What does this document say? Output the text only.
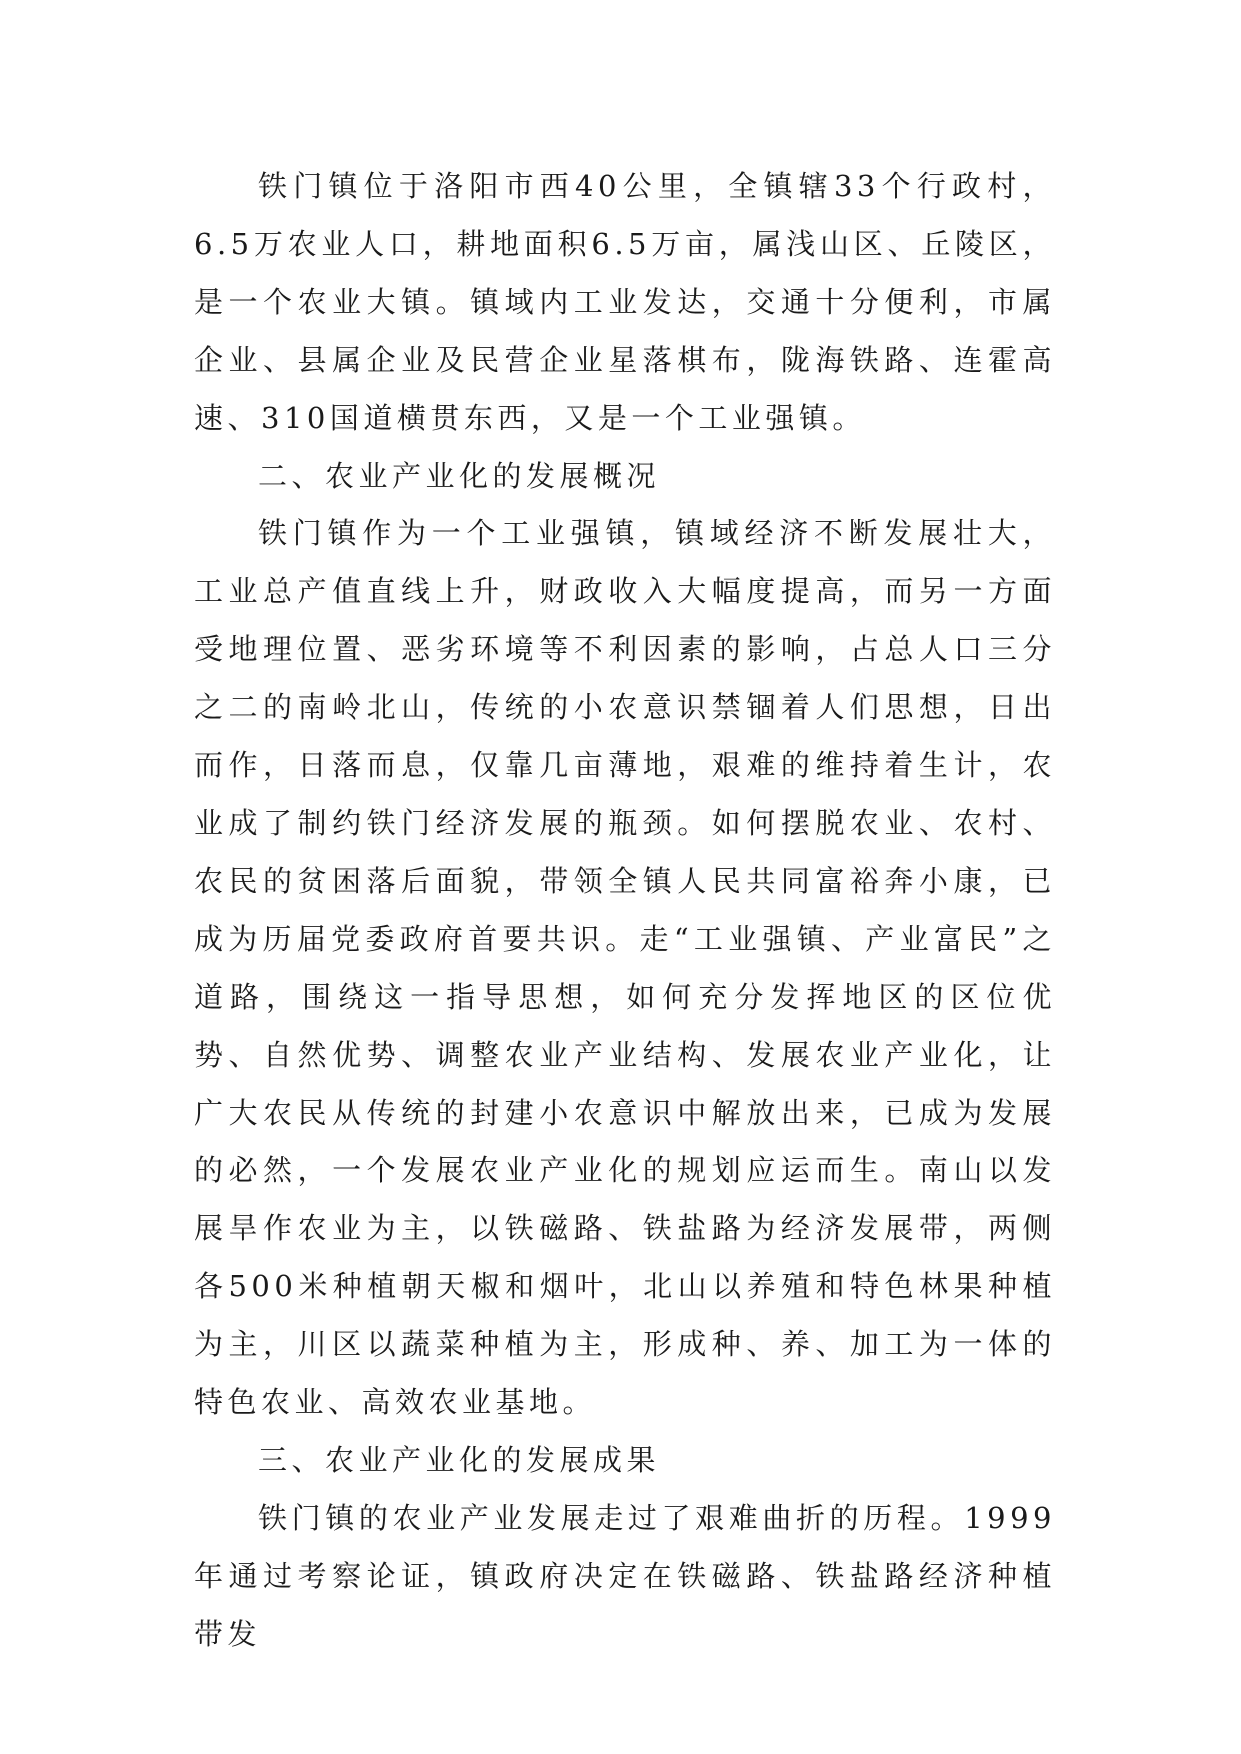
铁门镇位于洛阳市西40公里，全镇辖33个行政村，6.5万农业人口，耕地面积6.5万亩，属浅山区、丘陵区，是一个农业大镇。镇域内工业发达，交通十分便利，市属企业、县属企业及民营企业星落棋布，陇海铁路、连霍高速、310国道横贯东西，又是一个工业强镇。

二、农业产业化的发展概况

铁门镇作为一个工业强镇，镇域经济不断发展壮大，工业总产值直线上升，财政收入大幅度提高，而另一方面受地理位置、恶劣环境等不利因素的影响，占总人口三分之二的南岭北山，传统的小农意识禁锢着人们思想，日出而作，日落而息，仅靠几亩薄地，艰难的维持着生计，农业成了制约铁门经济发展的瓶颈。如何摆脱农业、农村、农民的贫困落后面貌，带领全镇人民共同富裕奔小康，已成为历届党委政府首要共识。走“工业强镇、产业富民”之道路，围绕这一指导思想，如何充分发挥地区的区位优势、自然优势、调整农业产业结构、发展农业产业化，让广大农民从传统的封建小农意识中解放出来，已成为发展的必然，一个发展农业产业化的规划应运而生。南山以发展旱作农业为主，以铁磁路、铁盐路为经济发展带，两侧各500米种植朝天椒和烟叶，北山以养殖和特色林果种植为主，川区以蔬菜种植为主，形成种、养、加工为一体的特色农业、高效农业基地。

三、农业产业化的发展成果

铁门镇的农业产业发展走过了艰难曲折的历程。1999年通过考察论证，镇政府决定在铁磁路、铁盐路经济种植带发
